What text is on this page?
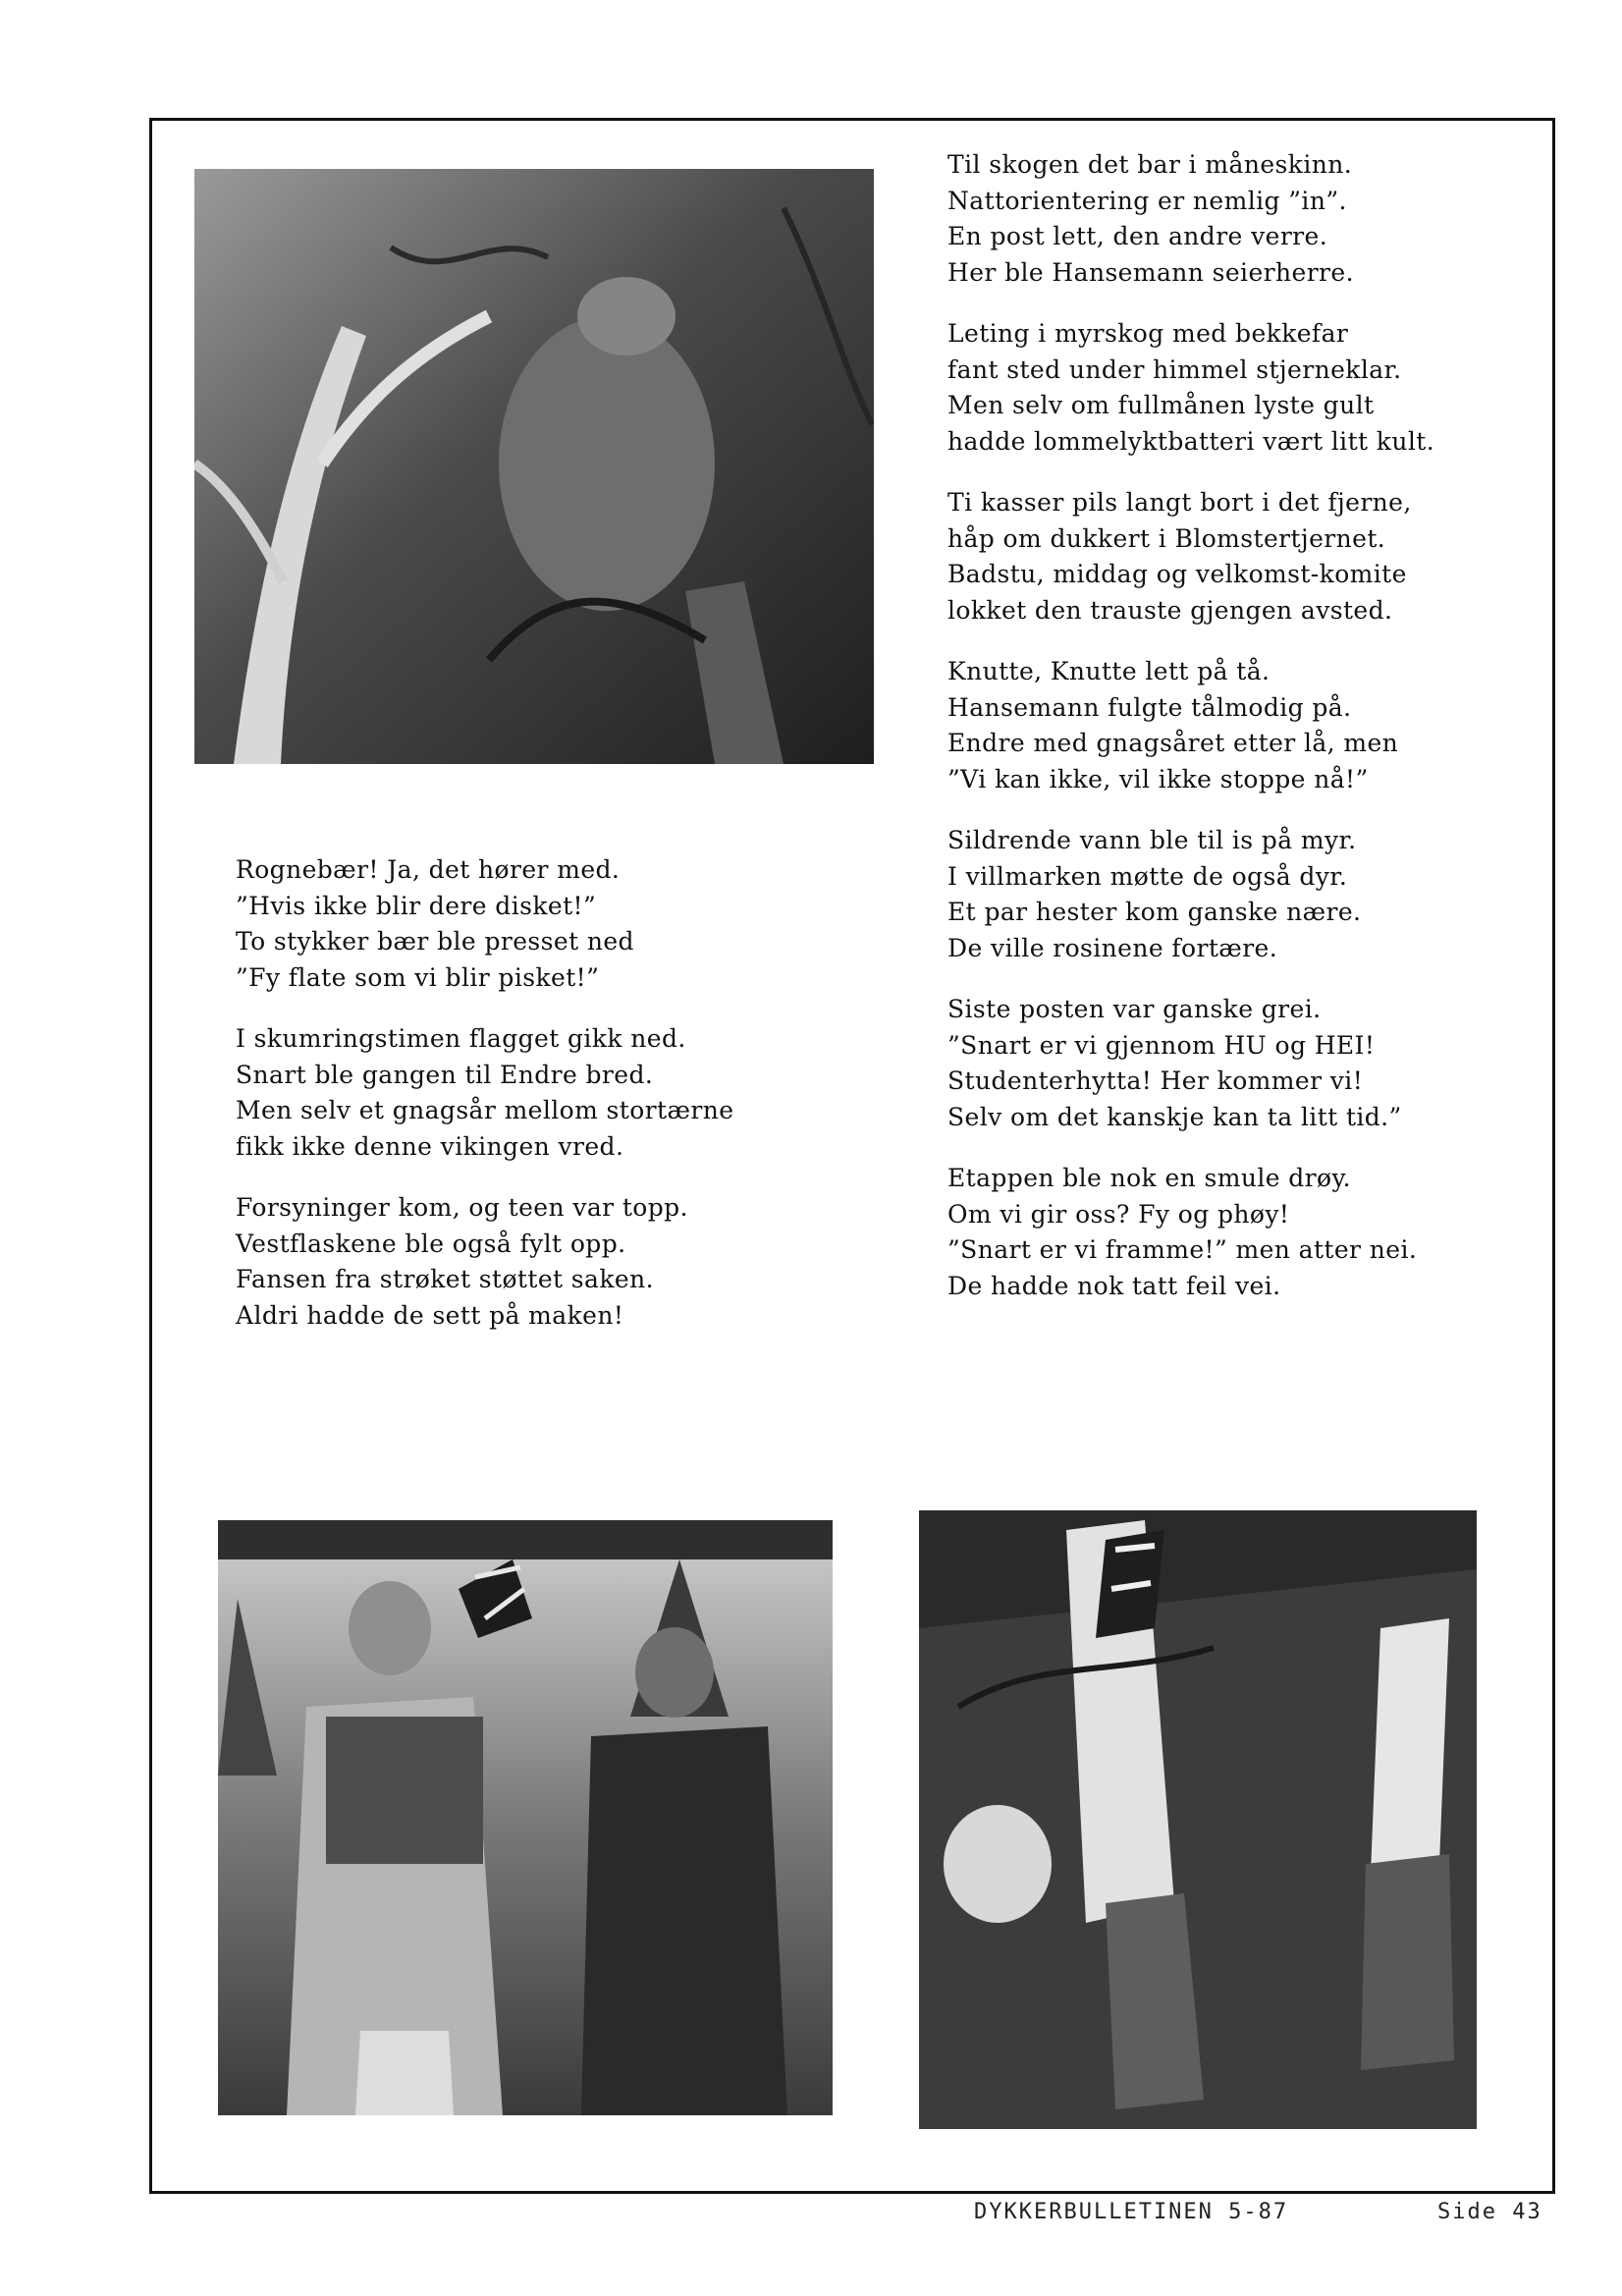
Til skogen det bar i måneskinn.
Nattorientering er nemlig ”in”.
En post lett, den andre verre.
Her ble Hansemann seierherre.
Leting i myrskog med bekkefar
fant sted under himmel stjerneklar.
Men selv om fullmånen lyste gult
hadde lommelyktbatteri vært litt kult.
Ti kasser pils langt bort i det fjerne,
håp om dukkert i Blomstertjernet.
Badstu, middag og velkomst-komite
lokket den trauste gjengen avsted.
Knutte, Knutte lett på tå.
Hansemann fulgte tålmodig på.
Endre med gnagsåret etter lå, men
”Vi kan ikke, vil ikke stoppe nå!”
Sildrende vann ble til is på myr.
I villmarken møtte de også dyr.
Et par hester kom ganske nære.
De ville rosinene fortære.
Siste posten var ganske grei.
”Snart er vi gjennom HU og HEI!
Studenterhytta! Her kommer vi!
Selv om det kanskje kan ta litt tid.”
Etappen ble nok en smule drøy.
Om vi gir oss? Fy og phøy!
”Snart er vi framme!” men atter nei.
De hadde nok tatt feil vei.
Rognebær! Ja, det hører med.
”Hvis ikke blir dere disket!”
To stykker bær ble presset ned
”Fy flate som vi blir pisket!”
I skumringstimen flagget gikk ned.
Snart ble gangen til Endre bred.
Men selv et gnagsår mellom stortærne
fikk ikke denne vikingen vred.
Forsyninger kom, og teen var topp.
Vestflaskene ble også fylt opp.
Fansen fra strøket støttet saken.
Aldri hadde de sett på maken!
DYKKERBULLETINEN 5-87	Side 43
